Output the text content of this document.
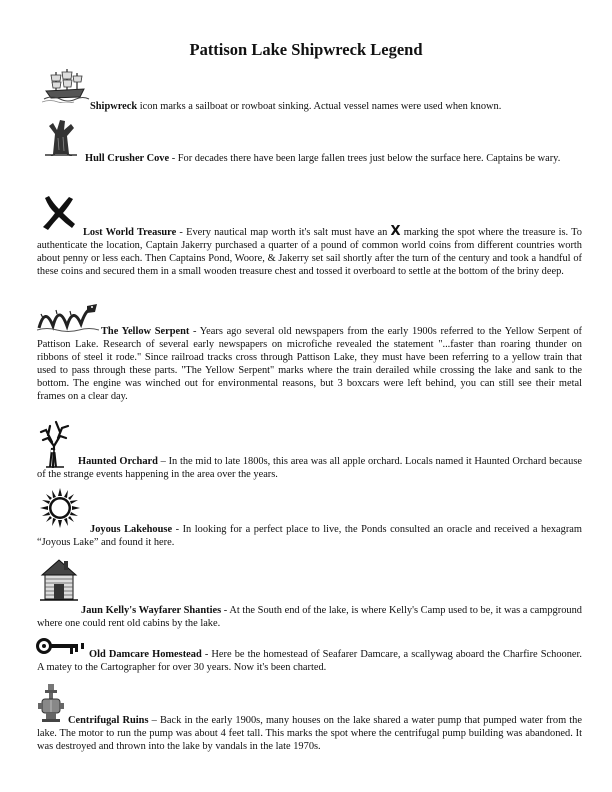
Pattison Lake Shipwreck Legend
Shipwreck icon marks a sailboat or rowboat sinking. Actual vessel names were used when known.
Hull Crusher Cove - For decades there have been large fallen trees just below the surface here. Captains be wary.
Lost World Treasure - Every nautical map worth it's salt must have an X marking the spot where the treasure is. To authenticate the location, Captain Jakerry purchased a quarter of a pound of common world coins from different countries worth about penny or less each. Then Captains Pond, Woore, & Jakerry set sail shortly after the turn of the century and took a handful of these coins and secured them in a small wooden treasure chest and tossed it overboard to settle at the bottom of the briny deep.
The Yellow Serpent - Years ago several old newspapers from the early 1900s referred to the Yellow Serpent of Pattison Lake. Research of several early newspapers on microfiche revealed the statement "...faster than roaring thunder on ribbons of steel it rode." Since railroad tracks cross through Pattison Lake, they must have been referring to a yellow train that used to pass through these parts. "The Yellow Serpent" marks where the train derailed while crossing the lake and sank to the bottom. The engine was winched out for environmental reasons, but 3 boxcars were left behind, you can still see their metal frames on a clear day.
Haunted Orchard – In the mid to late 1800s, this area was all apple orchard. Locals named it Haunted Orchard because of the strange events happening in the area over the years.
Joyous Lakehouse - In looking for a perfect place to live, the Ponds consulted an oracle and received a hexagram “Joyous Lake” and found it here.
Jaun Kelly's Wayfarer Shanties - At the South end of the lake, is where Kelly's Camp used to be, it was a campground where one could rent old cabins by the lake.
Old Damcare Homestead - Here be the homestead of Seafarer Damcare, a scallywag aboard the Charfire Schooner. A matey to the Cartographer for over 30 years. Now it's been charted.
Centrifugal Ruins – Back in the early 1900s, many houses on the lake shared a water pump that pumped water from the lake. The motor to run the pump was about 4 feet tall. This marks the spot where the centrifugal pump building was abandoned. It was destroyed and thrown into the lake by vandals in the late 1970s.
